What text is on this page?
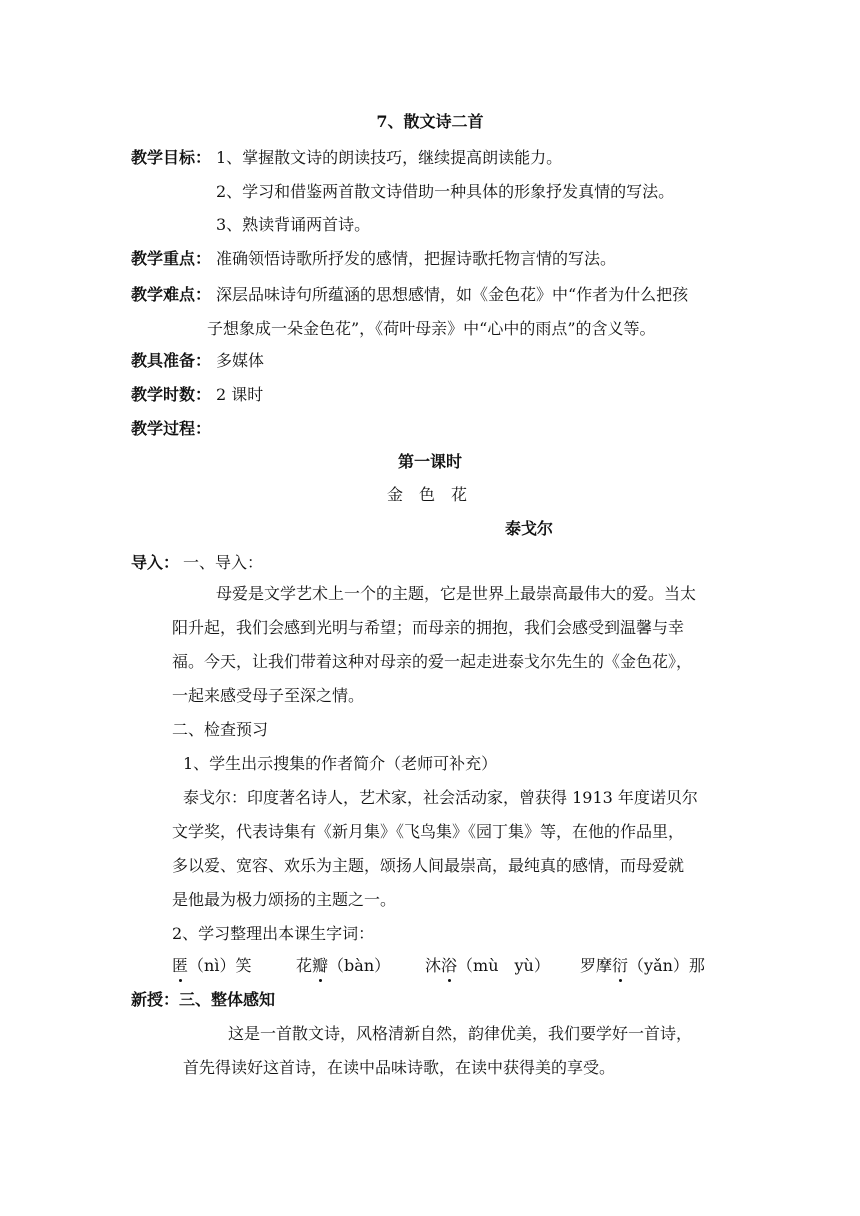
7、散文诗二首
教学目标： 1、掌握散文诗的朗读技巧，继续提高朗读能力。
2、学习和借鉴两首散文诗借助一种具体的形象抒发真情的写法。
3、熟读背诵两首诗。
教学重点： 准确领悟诗歌所抒发的感情，把握诗歌托物言情的写法。
教学难点： 深层品味诗句所蕴涵的思想感情，如《金色花》中“作者为什么把孩
子想象成一朵金色花”，《荷叶母亲》中“心中的雨点”的含义等。
教具准备： 多媒体
教学时数： 2 课时
教学过程：
第一课时
金　色　花
泰戈尔
导入： 一、导入：
母爱是文学艺术上一个的主题，它是世界上最崇高最伟大的爱。当太
阳升起，我们会感到光明与希望；而母亲的拥抱，我们会感受到温馨与幸
福。今天，让我们带着这种对母亲的爱一起走进泰戈尔先生的《金色花》，
一起来感受母子至深之情。
二、检查预习
1、学生出示搜集的作者简介（老师可补充）
泰戈尔：印度著名诗人，艺术家，社会活动家，曾获得 1913 年度诺贝尔
文学奖，代表诗集有《新月集》《飞鸟集》《园丁集》等，在他的作品里，
多以爱、宽容、欢乐为主题，颂扬人间最崇高，最纯真的感情，而母爱就
是他最为极力颂扬的主题之一。
2、学习整理出本课生字词：
匿（nì）笑	花瓣（bàn） 沐浴（mù　yù） 罗摩衍（yǎn）那
新授：三、整体感知
这是一首散文诗，风格清新自然，韵律优美，我们要学好一首诗，
首先得读好这首诗，在读中品味诗歌，在读中获得美的享受。
